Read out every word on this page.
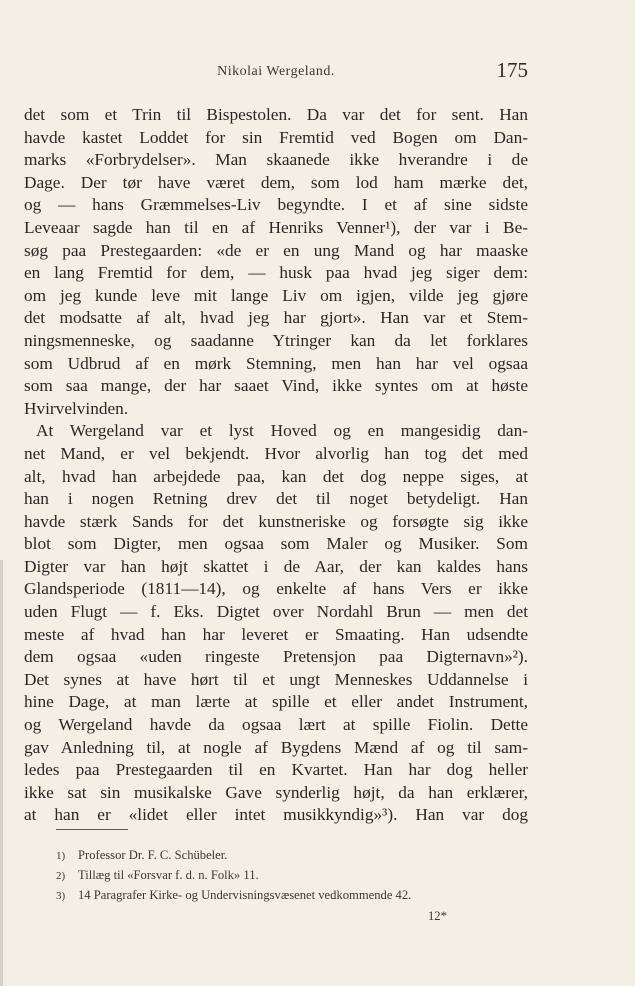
Nikolai Wergeland.	175
det som et Trin til Bispestolen. Da var det for sent. Han
havde kastet Loddet for sin Fremtid ved Bogen om Dan-
marks «Forbrydelser». Man skaanede ikke hverandre i de
Dage. Der tør have været dem, som lod ham mærke det,
og — hans Græmmelses-Liv begyndte. I et af sine sidste
Leveaar sagde han til en af Henriks Venner¹), der var i Be-
søg paa Prestegaarden: «de er en ung Mand og har maaske
en lang Fremtid for dem, — husk paa hvad jeg siger dem:
om jeg kunde leve mit lange Liv om igjen, vilde jeg gjøre
det modsatte af alt, hvad jeg har gjort». Han var et Stem-
ningsmenneske, og saadanne Ytringer kan da let forklares
som Udbrud af en mørk Stemning, men han har vel ogsaa
som saa mange, der har saaet Vind, ikke syntes om at høste
Hvirvelvinden.
At Wergeland var et lyst Hoved og en mangesidig dan-
net Mand, er vel bekjendt. Hvor alvorlig han tog det med
alt, hvad han arbejdede paa, kan det dog neppe siges, at
han i nogen Retning drev det til noget betydeligt. Han
havde stærk Sands for det kunstneriske og forsøgte sig ikke
blot som Digter, men ogsaa som Maler og Musiker. Som
Digter var han højt skattet i de Aar, der kan kaldes hans
Glandsperiode (1811—14), og enkelte af hans Vers er ikke
uden Flugt — f. Eks. Digtet over Nordahl Brun — men det
meste af hvad han har leveret er Smaating. Han udsendte
dem ogsaa «uden ringeste Pretensjon paa Digternavn»²).
Det synes at have hørt til et ungt Menneskes Uddannelse i
hine Dage, at man lærte at spille et eller andet Instrument,
og Wergeland havde da ogsaa lært at spille Fiolin. Dette
gav Anledning til, at nogle af Bygdens Mænd af og til sam-
ledes paa Prestegaarden til en Kvartet. Han har dog heller
ikke sat sin musikalske Gave synderlig højt, da han erklærer,
at han er «lidet eller intet musikkyndig»³). Han var dog
1) Professor Dr. F. C. Schübeler.
2) Tillæg til «Forsvar f. d. n. Folk» 11.
3) 14 Paragrafer Kirke- og Undervisningsvæsenet vedkommende 42.
12*
